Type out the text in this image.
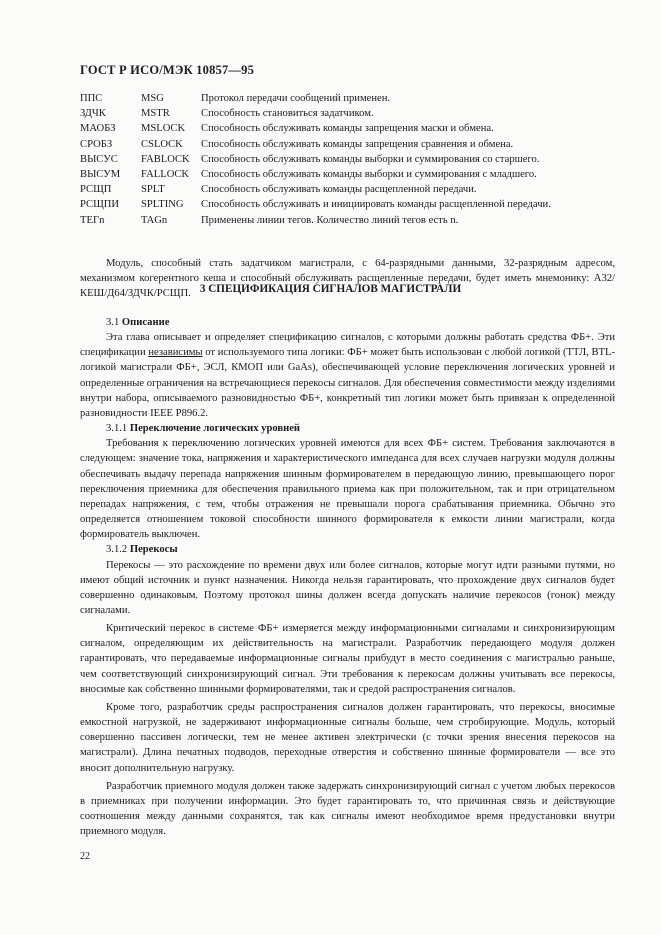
ГОСТ Р ИСО/МЭК 10857—95
ППС	MSG	Протокол передачи сообщений применен.
ЗДЧК	MSTR	Способность становиться задатчиком.
МАОБЗ	MSLOCK	Способность обслуживать команды запрещения маски и обмена.
СРОБЗ	CSLOCK	Способность обслуживать команды запрещения сравнения и обмена.
ВЫСУС	FABLOCK	Способность обслуживать команды выборки и суммирования со старшего.
ВЫСУМ	FALLOCK	Способность обслуживать команды выборки и суммирования с младшего.
РСЩП	SPLT	Способность обслуживать команды расщепленной передачи.
РСЩПИ	SPLTING	Способность обслуживать и инициировать команды расщепленной передачи.
ТЕГn	TAGn	Применены линии тегов. Количество линий тегов есть n.

Модуль, способный стать задатчиком магистрали, с 64-разрядными данными, 32-разрядным адресом, механизмом когерентного кеша и способный обслуживать расщепленные передачи, будет иметь мнемонику: А32/КЕШ/Д64/ЗДЧК/РСЩП. 3 СПЕЦИФИКАЦИЯ СИГНАЛОВ МАГИСТРАЛИ
3.1 Описание

Эта глава описывает и определяет спецификацию сигналов, с которыми должны работать средства ФБ+. Эти спецификации независимы от используемого типа логики: ФБ+ может быть использован с любой логикой (ТТЛ, BTL-логикой магистрали ФБ+, ЭСЛ, КМОП или GaAs), обеспечивающей условие переключения логических уровней и определенные ограничения на встречающиеся перекосы сигналов. Для обеспечения совместимости между изделиями внутри набора, описываемого разновидностью ФБ+, конкретный тип логики может быть привязан к определенной разновидности IEEE P896.2.

3.1.1 Переключение логических уровней

Требования к переключению логических уровней имеются для всех ФБ+ систем. Требования заключаются в следующем: значение тока, напряжения и характеристического импеданса для всех случаев нагрузки модуля должны обеспечивать выдачу перепада напряжения шинным формирователем в передающую линию, превышающего порог переключения приемника для обеспечения правильного приема как при положительном, так и при отрицательном перепадах напряжения, с тем, чтобы отражения не превышали порога срабатывания приемника. Обычно это определяется отношением токовой способности шинного формирователя к емкости линии магистрали, когда формирователь выключен.

3.1.2 Перекосы

Перекосы — это расхождение по времени двух или более сигналов, которые могут идти разными путями, но имеют общий источник и пункт назначения. Никогда нельзя гарантировать, что прохождение двух сигналов будет совершенно одинаковым. Поэтому протокол шины должен всегда допускать наличие перекосов (гонок) между сигналами.

Критический перекос в системе ФБ+ измеряется между информационными сигналами и синхронизирующим сигналом, определяющим их действительность на магистрали. Разработчик передающего модуля должен гарантировать, что передаваемые информационные сигналы прибудут в место соединения с магистралью раньше, чем соответствующий синхронизирующий сигнал. Эти требования к перекосам должны учитывать все перекосы, вносимые как собственно шинными формирователями, так и средой распространения сигналов.

Кроме того, разработчик среды распространения сигналов должен гарантировать, что перекосы, вносимые емкостной нагрузкой, не задерживают информационные сигналы больше, чем стробирующие. Модуль, который совершенно пассивен логически, тем не менее активен электрически (с точки зрения внесения перекосов на магистрали). Длина печатных подводов, переходные отверстия и собственно шинные формирователи — все это вносит дополнительную нагрузку.

Разработчик приемного модуля должен также задержать синхронизирующий сигнал с учетом любых перекосов в приемниках при получении информации. Это будет гарантировать то, что причинная связь и действующие соотношения между данными сохранятся, так как сигналы имеют необходимое время предустановки внутри приемного модуля.

22
